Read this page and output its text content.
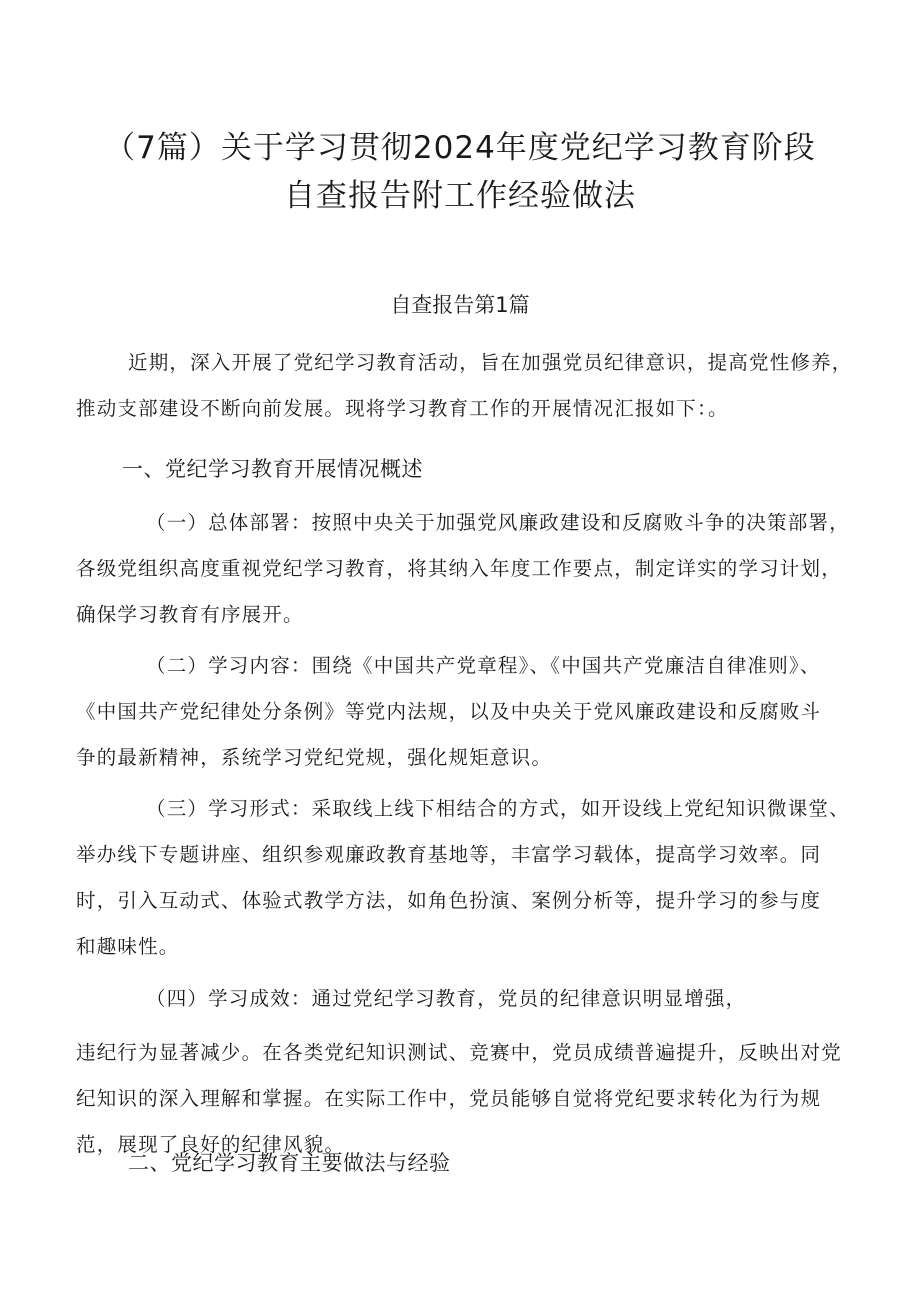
（7篇）关于学习贯彻2024年度党纪学习教育阶段
自查报告附工作经验做法
自查报告第1篇

近期，深入开展了党纪学习教育活动，旨在加强党员纪律意识，提高党性修养，
推动支部建设不断向前发展。现将学习教育工作的开展情况汇报如下：。

一、党纪学习教育开展情况概述

（一）总体部署：按照中央关于加强党风廉政建设和反腐败斗争的决策部署，
各级党组织高度重视党纪学习教育，将其纳入年度工作要点，制定详实的学习计划，
确保学习教育有序展开。

（二）学习内容：围绕《中国共产党章程》、《中国共产党廉洁自律准则》、
《中国共产党纪律处分条例》等党内法规，以及中央关于党风廉政建设和反腐败斗
争的最新精神，系统学习党纪党规，强化规矩意识。

（三）学习形式：采取线上线下相结合的方式，如开设线上党纪知识微课堂、
举办线下专题讲座、组织参观廉政教育基地等，丰富学习载体，提高学习效率。同
时，引入互动式、体验式教学方法，如角色扮演、案例分析等，提升学习的参与度
和趣味性。

（四）学习成效：通过党纪学习教育，党员的纪律意识明显增强，

违纪行为显著减少。在各类党纪知识测试、竞赛中，党员成绩普遍提升，反映出对党
纪知识的深入理解和掌握。在实际工作中，党员能够自觉将党纪要求转化为行为规
范，展现了良好的纪律风貌。

二、党纪学习教育主要做法与经验
